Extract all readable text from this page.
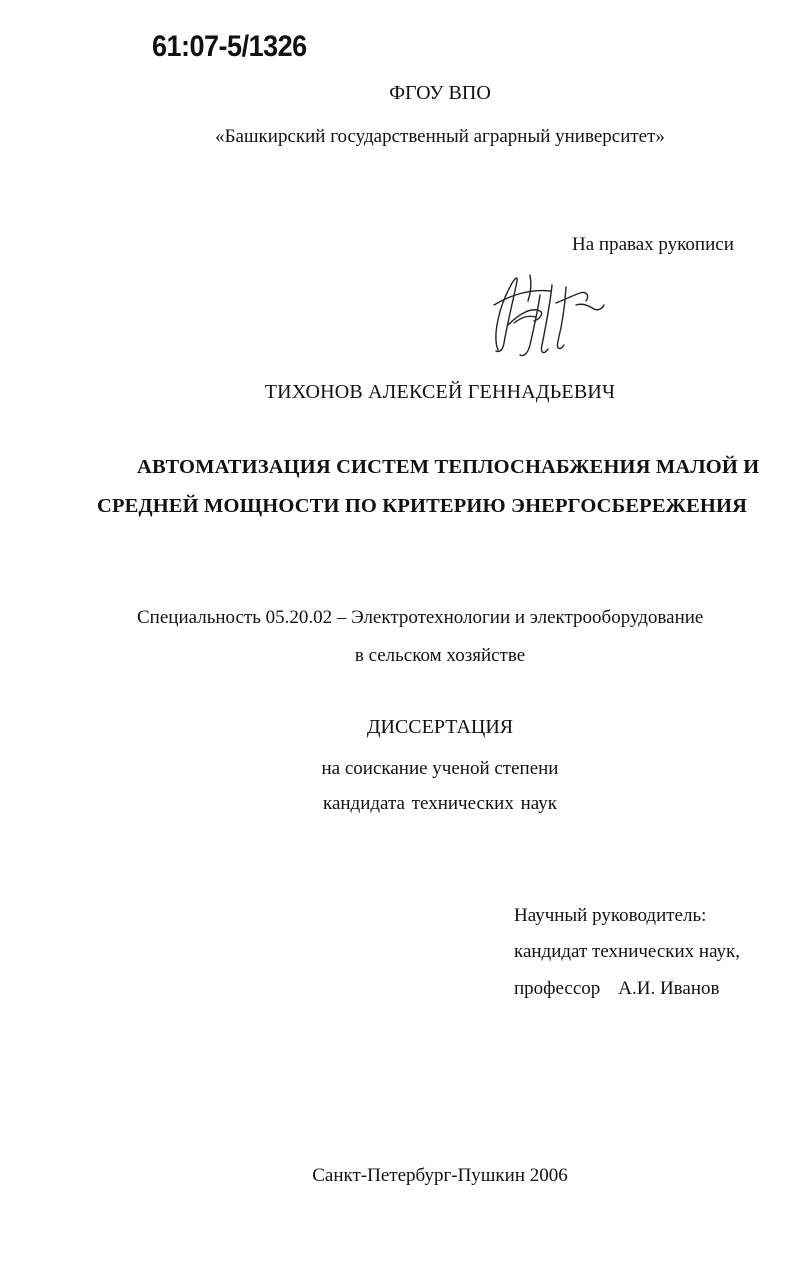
61:07-5/1326
ФГОУ ВПО
«Башкирский государственный аграрный университет»
На правах рукописи
ТИХОНОВ АЛЕКСЕЙ ГЕННАДЬЕВИЧ
АВТОМАТИЗАЦИЯ СИСТЕМ ТЕПЛОСНАБЖЕНИЯ МАЛОЙ И
СРЕДНЕЙ МОЩНОСТИ ПО КРИТЕРИЮ ЭНЕРГОСБЕРЕЖЕНИЯ
Специальность 05.20.02 – Электротехнологии и электрооборудование
в сельском хозяйстве
ДИССЕРТАЦИЯ
на соискание ученой степени
кандидата технических наук
Научный руководитель:
кандидат технических наук,
профессор А.И. Иванов
Санкт-Петербург-Пушкин 2006
